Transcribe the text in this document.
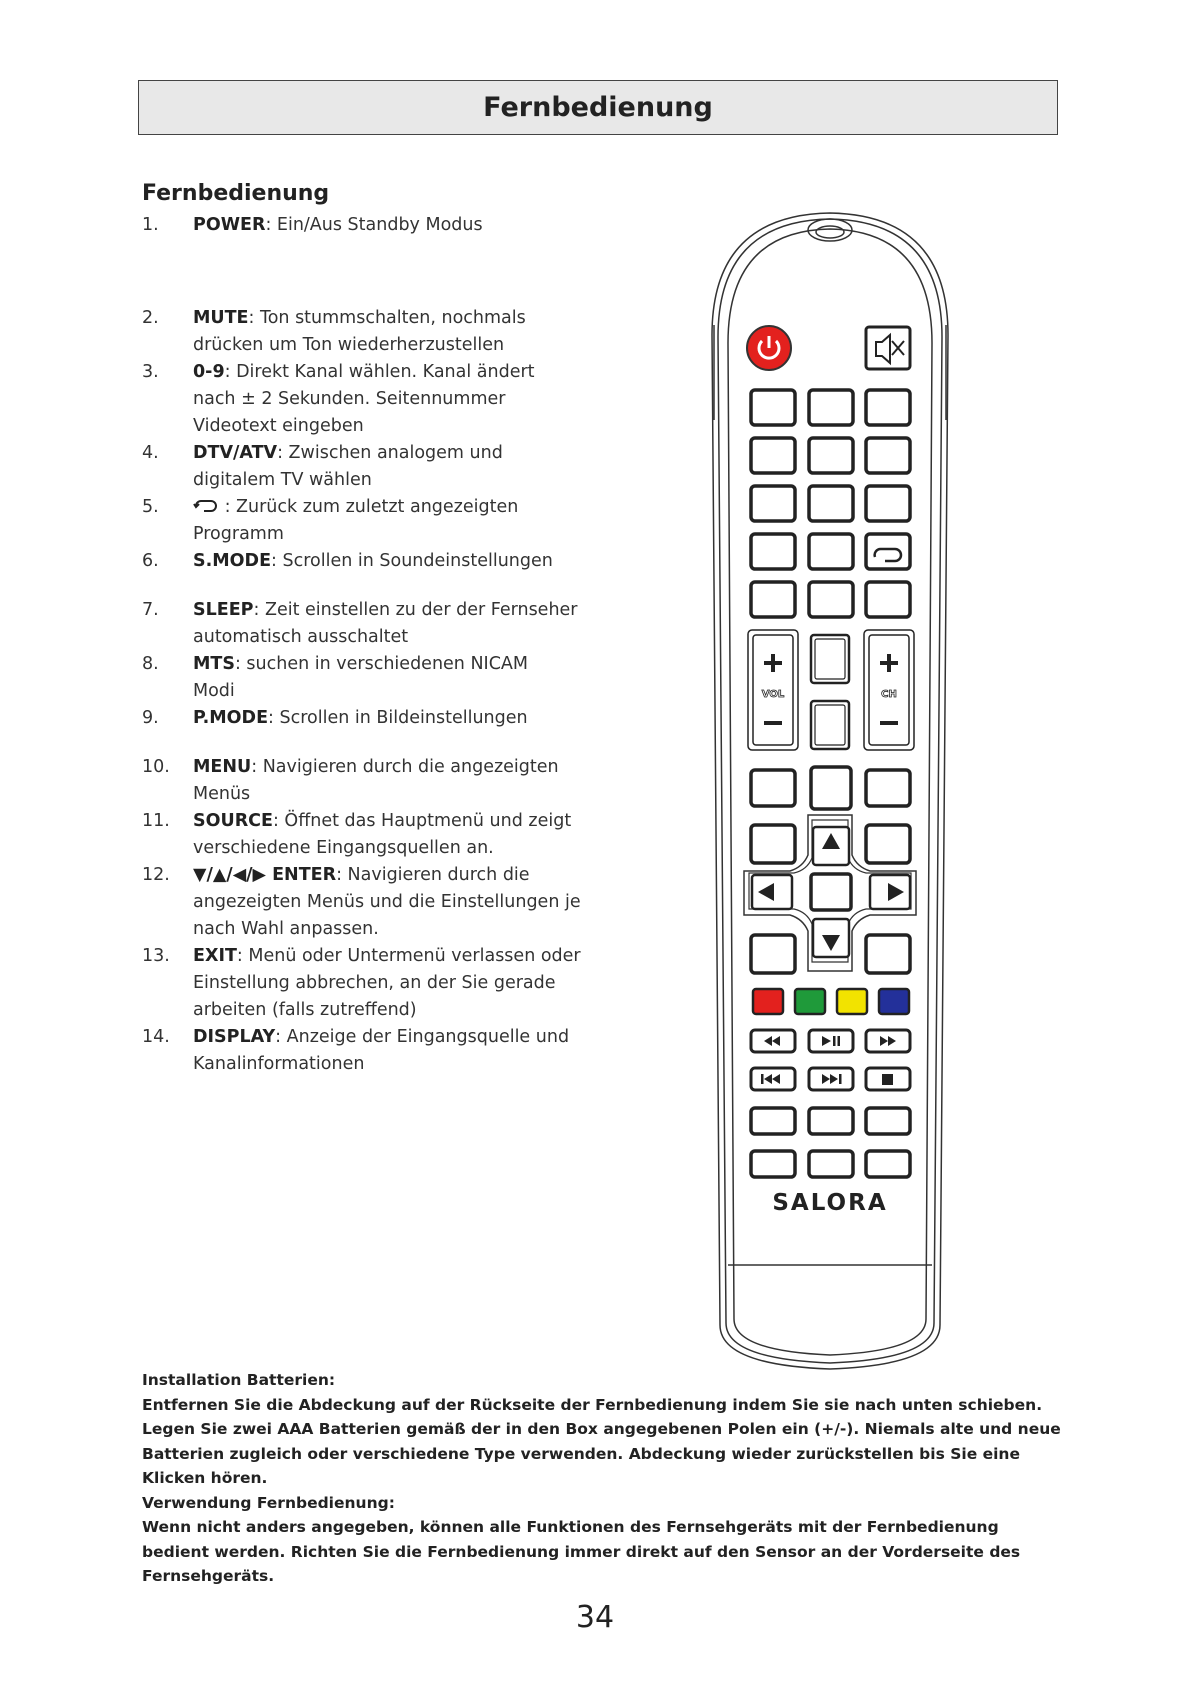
Fernbedienung
Fernbedienung
1.	POWER: Ein/Aus Standby Modus
2.	MUTE: Ton stummschalten, nochmals drücken um Ton wiederherzustellen
3.	0-9: Direkt Kanal wählen. Kanal ändert nach ± 2 Sekunden. Seitennummer Videotext eingeben
4.	DTV/ATV: Zwischen analogem und digitalem TV wählen
5.	: Zurück zum zuletzt angezeigten Programm
6.	S.MODE: Scrollen in Soundeinstellungen
7.	SLEEP: Zeit einstellen zu der der Fernseher automatisch ausschaltet
8.	MTS: suchen in verschiedenen NICAM Modi
9.	P.MODE: Scrollen in Bildeinstellungen
10.	MENU: Navigieren durch die angezeigten Menüs
11.	SOURCE: Öffnet das Hauptmenü und zeigt verschiedene Eingangsquellen an.
12.	▼/▲/◀/▶ ENTER: Navigieren durch die angezeigten Menüs und die Einstellungen je nach Wahl anpassen.
13.	EXIT: Menü oder Untermenü verlassen oder Einstellung abbrechen, an der Sie gerade arbeiten (falls zutreffend)
14.	DISPLAY: Anzeige der Eingangsquelle und Kanalinformationen
VOL	CH
SALORA

Installation Batterien:

Entfernen Sie die Abdeckung auf der Rückseite der Fernbedienung indem Sie sie nach unten schieben. Legen Sie zwei AAA Batterien gemäß der in den Box angegebenen Polen ein (+/-). Niemals alte und neue Batterien zugleich oder verschiedene Type verwenden. Abdeckung wieder zurückstellen bis Sie eine Klicken hören.

Verwendung Fernbedienung:

Wenn nicht anders angegeben, können alle Funktionen des Fernsehgeräts mit der Fernbedienung bedient werden. Richten Sie die Fernbedienung immer direkt auf den Sensor an der Vorderseite des Fernsehgeräts.

34
